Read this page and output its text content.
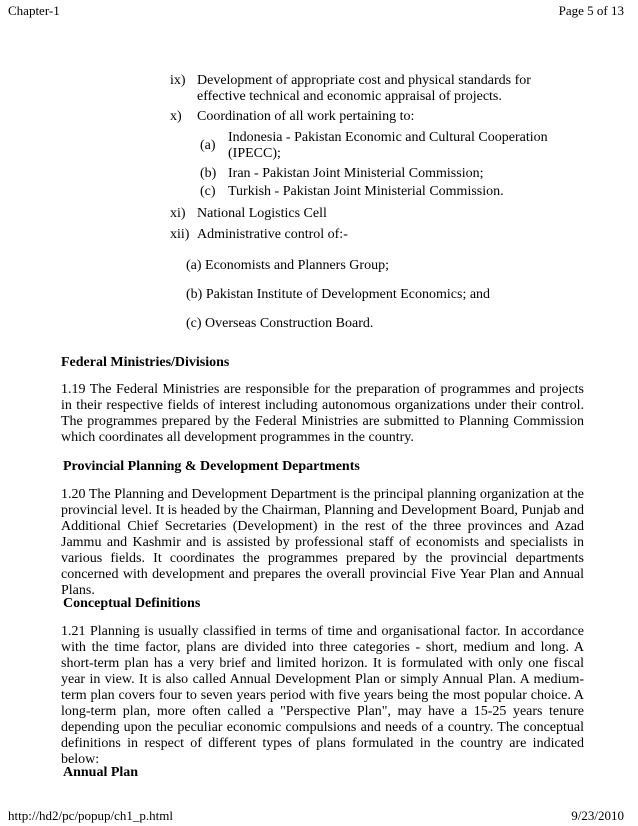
Chapter-1	Page 5 of 13
ix) Development of appropriate cost and physical standards for
effective technical and economic appraisal of projects.
x) Coordination of all work pertaining to:
(a)
Indonesia - Pakistan Economic and Cultural Cooperation
(IPECC);
(b) Iran - Pakistan Joint Ministerial Commission;
(c) Turkish - Pakistan Joint Ministerial Commission.
xi) National Logistics Cell
xii) Administrative control of:-
(a) Economists and Planners Group;
(b) Pakistan Institute of Development Economics; and
(c) Overseas Construction Board.
Federal Ministries/Divisions

1.19 The Federal Ministries are responsible for the preparation of programmes and projects in their respective fields of interest including autonomous organizations under their control. The programmes prepared by the Federal Ministries are submitted to Planning Commission which coordinates all development programmes in the country.

Provincial Planning & Development Departments

1.20 The Planning and Development Department is the principal planning organization at the provincial level. It is headed by the Chairman, Planning and Development Board, Punjab and Additional Chief Secretaries (Development) in the rest of the three provinces and Azad Jammu and Kashmir and is assisted by professional staff of economists and specialists in various fields. It coordinates the programmes prepared by the provincial departments concerned with development and prepares the overall provincial Five Year Plan and Annual Plans.

Conceptual Definitions

1.21 Planning is usually classified in terms of time and organisational factor. In accordance with the time factor, plans are divided into three categories - short, medium and long. A short-term plan has a very brief and limited horizon. It is formulated with only one fiscal year in view. It is also called Annual Development Plan or simply Annual Plan. A medium-term plan covers four to seven years period with five years being the most popular choice. A long-term plan, more often called a "Perspective Plan", may have a 15-25 years tenure depending upon the peculiar economic compulsions and needs of a country. The conceptual definitions in respect of different types of plans formulated in the country are indicated below:

Annual Plan
http://hd2/pc/popup/ch1_p.html	9/23/2010
